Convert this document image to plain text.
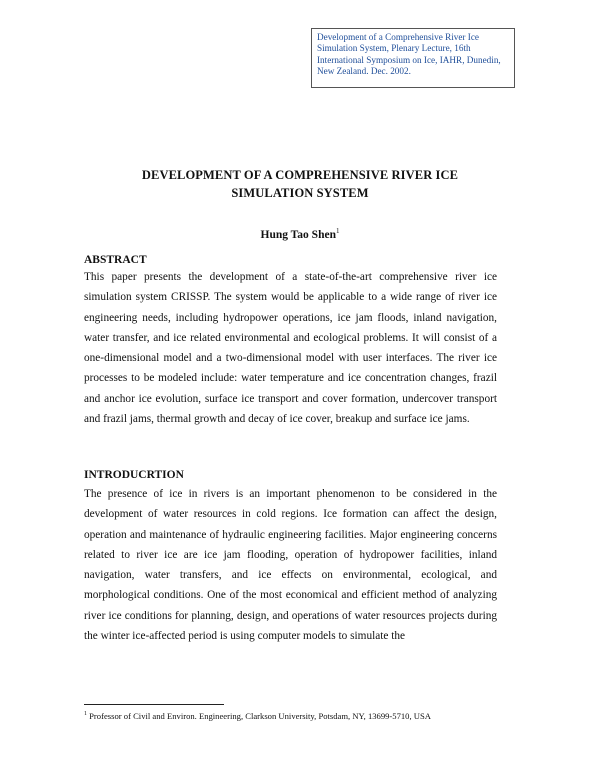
Development of a Comprehensive River Ice Simulation System, Plenary Lecture, 16th International Symposium on Ice, IAHR, Dunedin, New Zealand. Dec. 2002.
DEVELOPMENT OF A COMPREHENSIVE RIVER ICE
SIMULATION SYSTEM
Hung Tao Shen$^1$
ABSTRACT

This paper presents the development of a state-of-the-art comprehensive river ice simulation system CRISSP. The system would be applicable to a wide range of river ice engineering needs, including hydropower operations, ice jam floods, inland navigation, water transfer, and ice related environmental and ecological problems. It will consist of a one-dimensional model and a two-dimensional model with user interfaces. The river ice processes to be modeled include: water temperature and ice concentration changes, frazil and anchor ice evolution, surface ice transport and cover formation, undercover transport and frazil jams, thermal growth and decay of ice cover, breakup and surface ice jams.

INTRODUCRTION

The presence of ice in rivers is an important phenomenon to be considered in the development of water resources in cold regions. Ice formation can affect the design, operation and maintenance of hydraulic engineering facilities. Major engineering concerns related to river ice are ice jam flooding, operation of hydropower facilities, inland navigation, water transfers, and ice effects on environmental, ecological, and morphological conditions. One of the most economical and efficient method of analyzing river ice conditions for planning, design, and operations of water resources projects during the winter ice-affected period is using computer models to simulate the

$^1$ Professor of Civil and Environ. Engineering, Clarkson University, Potsdam, NY, 13699-5710, USA
